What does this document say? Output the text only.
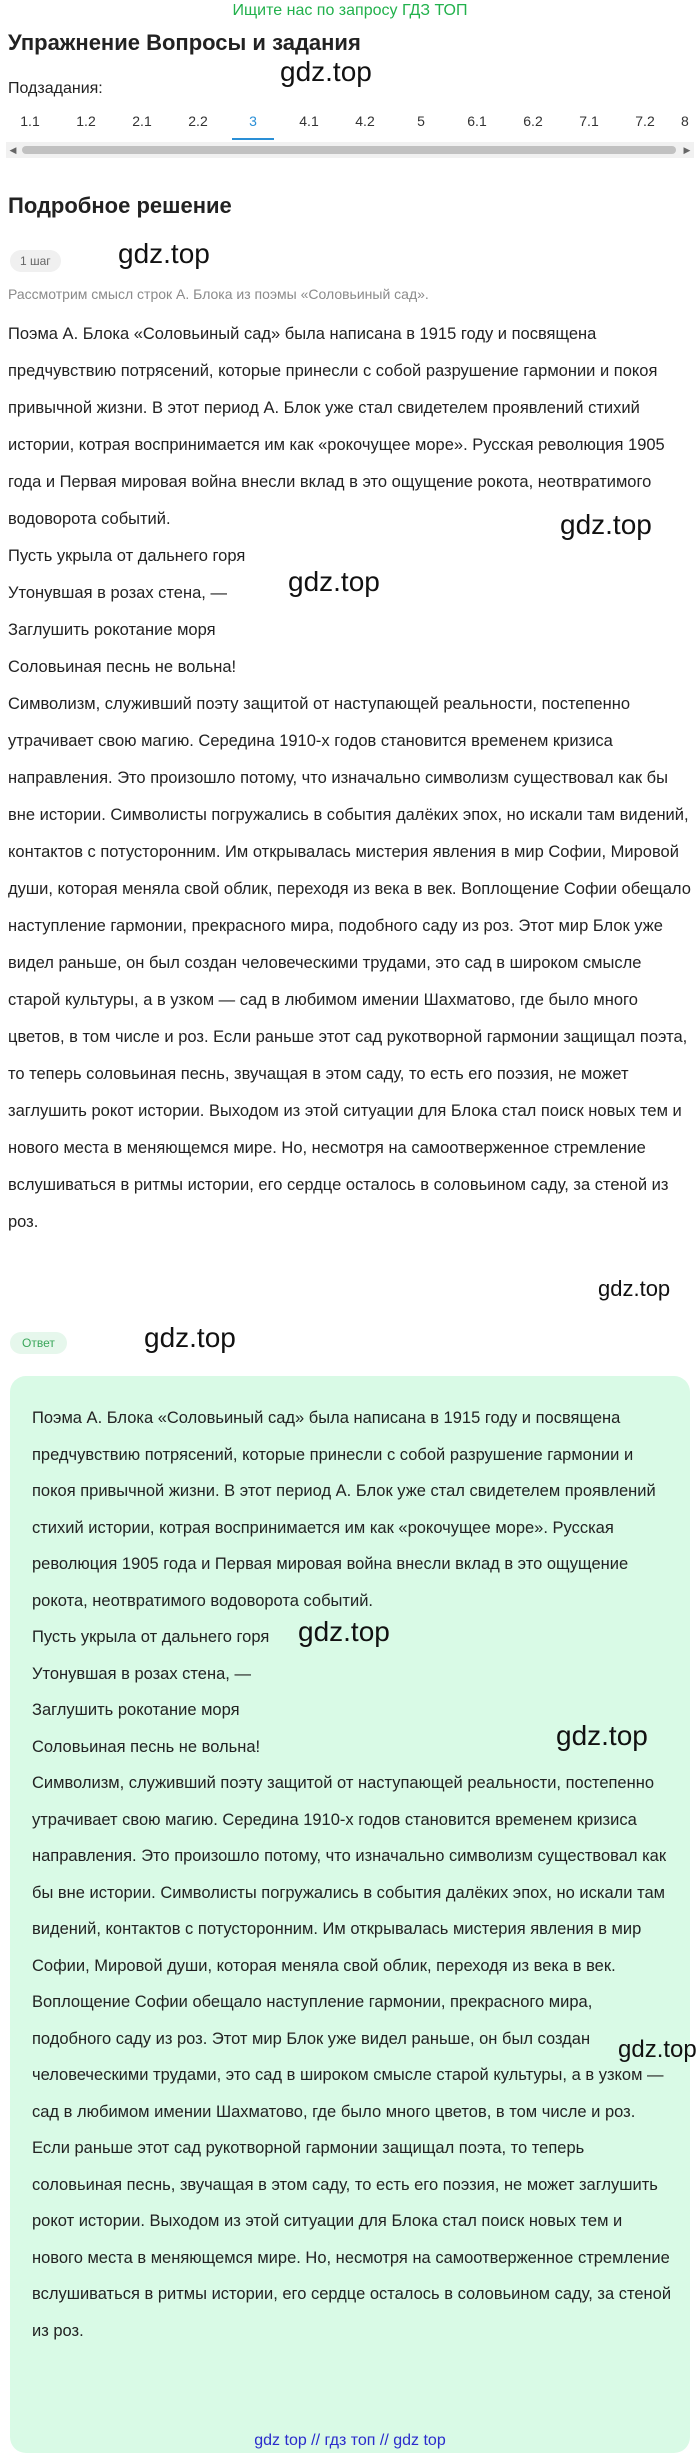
Ищите нас по запросу ГДЗ ТОП
Упражнение Вопросы и задания
Подзадания:
1.1	1.2	2.1	2.2	3	4.1	4.2	5	6.1	6.2	7.1	7.2	8
◀	▶
Подробное решение
gdz.top
1 шаг	gdz.top
Рассмотрим смысл строк А. Блока из поэмы «Соловьиный сад».

Поэма А. Блока «Соловьиный сад» была написана в 1915 году и посвящена предчувствию потрясений, которые принесли с собой разрушение гармонии и покоя привычной жизни. В этот период А. Блок уже стал свидетелем проявлений стихий истории, котрая воспринимается им как «рокочущее море». Русская революция 1905 года и Первая мировая война внесли вклад в это ощущение рокота, неотвратимого водоворота событий.

Пусть укрыла от дальнего горя

Утонувшая в розах стена, —

Заглушить рокотание моря

Соловьиная песнь не вольна!

Символизм, служивший поэту защитой от наступающей реальности, постепенно утрачивает свою магию. Середина 1910-х годов становится временем кризиса направления. Это произошло потому, что изначально символизм существовал как бы вне истории. Символисты погружались в события далёких эпох, но искали там видений, контактов с потусторонним. Им открывалась мистерия явления в мир Софии, Мировой души, которая меняла свой облик, переходя из века в век. Воплощение Софии обещало наступление гармонии, прекрасного мира, подобного саду из роз. Этот мир Блок уже видел раньше, он был создан человеческими трудами, это сад в широком смысле старой культуры, а в узком — сад в любимом имении Шахматово, где было много цветов, в том числе и роз. Если раньше этот сад рукотворной гармонии защищал поэта, то теперь соловьиная песнь, звучащая в этом саду, то есть его поэзия, не может заглушить рокот истории. Выходом из этой ситуации для Блока стал поиск новых тем и нового места в меняющемся мире. Но, несмотря на самоотверженное стремление вслушиваться в ритмы истории, его сердце осталось в соловьином саду, за стеной из роз.

gdz.top
gdz.top
gdz.top
Ответ	gdz.top

Поэма А. Блока «Соловьиный сад» была написана в 1915 году и посвящена предчувствию потрясений, которые принесли с собой разрушение гармонии и покоя привычной жизни. В этот период А. Блок уже стал свидетелем проявлений стихий истории, котрая воспринимается им как «рокочущее море». Русская революция 1905 года и Первая мировая война внесли вклад в это ощущение рокота, неотвратимого водоворота событий.

Пусть укрыла от дальнего горя

Утонувшая в розах стена, —

Заглушить рокотание моря

Соловьиная песнь не вольна!

Символизм, служивший поэту защитой от наступающей реальности, постепенно утрачивает свою магию. Середина 1910-х годов становится временем кризиса направления. Это произошло потому, что изначально символизм существовал как бы вне истории. Символисты погружались в события далёких эпох, но искали там видений, контактов с потусторонним. Им открывалась мистерия явления в мир Софии, Мировой души, которая меняла свой облик, переходя из века в век. Воплощение Софии обещало наступление гармонии, прекрасного мира, подобного саду из роз. Этот мир Блок уже видел раньше, он был создан человеческими трудами, это сад в широком смысле старой культуры, а в узком — сад в любимом имении Шахматово, где было много цветов, в том числе и роз. Если раньше этот сад рукотворной гармонии защищал поэта, то теперь соловьиная песнь, звучащая в этом саду, то есть его поэзия, не может заглушить рокот истории. Выходом из этой ситуации для Блока стал поиск новых тем и нового места в меняющемся мире. Но, несмотря на самоотверженное стремление вслушиваться в ритмы истории, его сердце осталось в соловьином саду, за стеной из роз.

gdz.top
gdz.top
gdz.top
gdz top // гдз топ // gdz top
